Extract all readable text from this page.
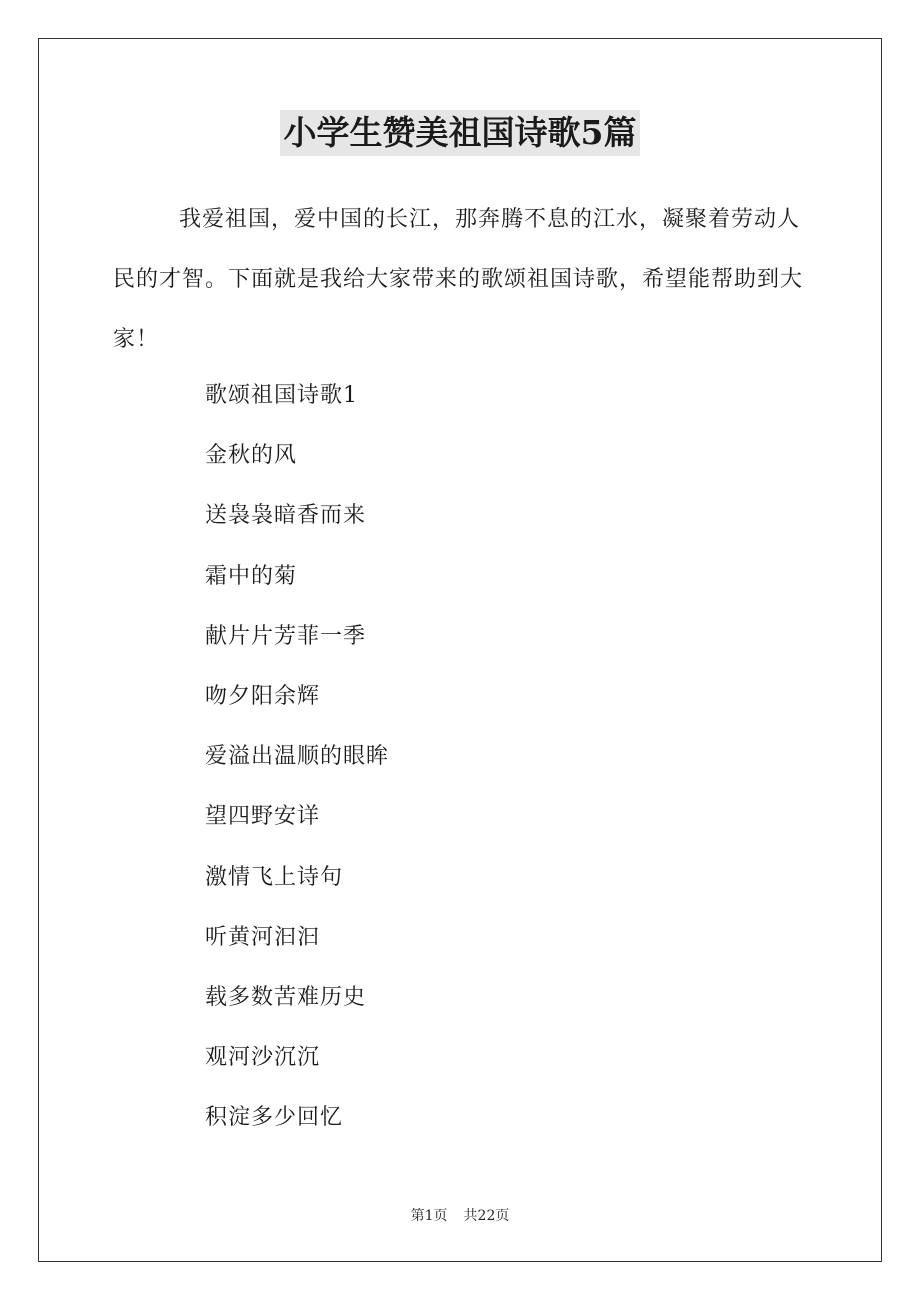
小学生赞美祖国诗歌5篇

我爱祖国，爱中国的长江，那奔腾不息的江水，凝聚着劳动人民的才智。下面就是我给大家带来的歌颂祖国诗歌，希望能帮助到大家！

歌颂祖国诗歌1
金秋的风
送袅袅暗香而来
霜中的菊
献片片芳菲一季
吻夕阳余辉
爱溢出温顺的眼眸
望四野安详
激情飞上诗句
听黄河汩汩
载多数苦难历史
观河沙沉沉
积淀多少回忆
第1页 共22页
